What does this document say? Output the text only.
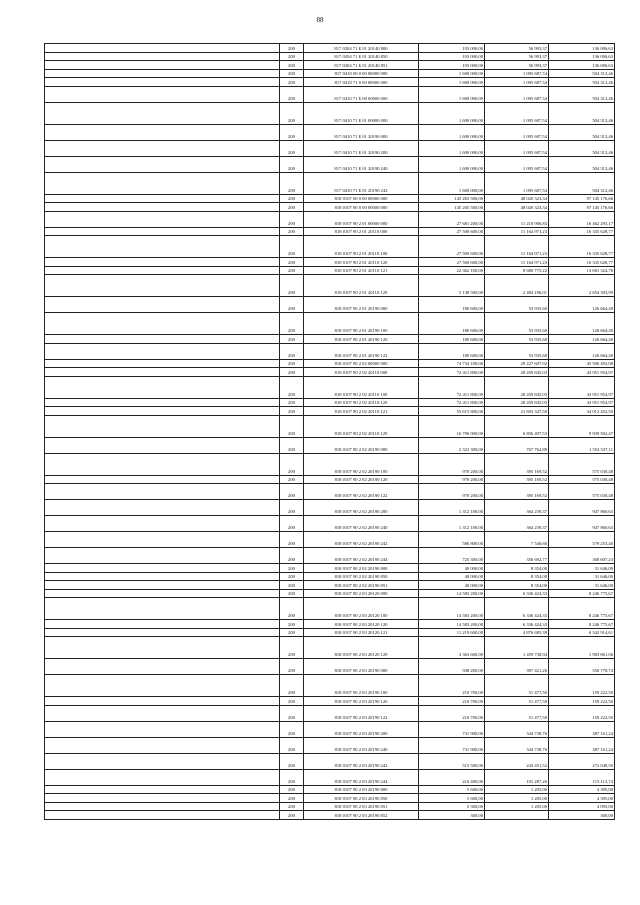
88
	200	817 0204 71 Б 01 20140 800	193 000,00	56 993,37	136 006,63
	200	817 0204 71 Б 01 20140 850	193 000,00	56 993,37	136 006,63
	200	817 0204 71 Б 01 20140 851	193 000,00	56 993,37	136 006,63
	200	817 0410 00 0 00 00000 000	1 600 000,00	1 095 687,54	504 312,46
	200	817 0410 71 0 00 00000 000	1 600 000,00	1 095 687,54	504 312,46
	200	817 0410 71 Б 00 00000 000	1 600 000,00	1 095 687,54	504 312,46
	200	817 0410 71 Б 01 00000 000	1 600 000,00	1 095 687,54	504 312,46
	200	817 0410 71 Б 01 20190 000	1 600 000,00	1 095 687,54	504 312,46
	200	817 0410 71 Б 01 20190 200	1 600 000,00	1 095 687,54	504 312,46
	200	817 0410 71 Б 01 20190 240	1 600 000,00	1 095 687,54	504 312,46
	200	817 0410 71 Б 01 20190 242	1 600 000,00	1 095 687,54	504 312,46
	200	818 0107 00 0 00 00000 000	145 265 500,00	48 020 323,34	97 145 176,66
	200	818 0107 90 0 00 00000 000	145 265 500,00	48 020 323,34	97 145 176,66
	200	818 0107 90 2 01 00000 000	27 681 200,00	11 218 906,83	16 462 293,17
	200	818 0107 90 2 01 20110 000	27 500 600,00	11 164 971,23	16 335 628,77
	200	818 0107 90 2 01 20110 100	27 500 600,00	11 164 971,23	16 335 628,77
	200	818 0107 90 2 01 20110 120	27 500 600,00	11 164 971,23	16 335 628,77
	200	818 0107 90 2 01 20110 121	22 362 100,00	8 680 775,22	13 681 324,78
	200	818 0107 90 2 01 20110 129	5 138 500,00	2 484 196,01	2 654 303,99
	200	818 0107 90 2 01 20190 000	180 600,00	53 935,60	126 664,40
	200	818 0107 90 2 01 20190 100	180 600,00	53 935,60	126 664,40
	200	818 0107 90 2 01 20190 120	180 600,00	53 935,60	126 664,40
	200	818 0107 90 2 01 20190 122	180 600,00	53 935,60	126 664,40
	200	818 0107 90 2 02 00000 000	74 734 100,00	29 227 607,92	45 506 492,08
	200	818 0107 90 2 02 20110 000	72 411 800,00	28 459 845,03	43 951 954,97
	200	818 0107 90 2 02 20110 100	72 411 800,00	28 459 845,03	43 951 954,97
	200	818 0107 90 2 02 20110 120	72 411 800,00	28 459 845,03	43 951 954,97
	200	818 0107 90 2 02 20110 121	55 615 800,00	21 603 347,50	34 012 452,50
	200	818 0107 90 2 02 20110 129	16 796 000,00	6 856 497,53	9 939 502,47
	200	818 0107 90 2 02 20190 000	2 322 300,00	767 762,89	1 554 537,11
	200	818 0107 90 2 02 20190 100	970 200,00	395 169,52	575 030,48
	200	818 0107 90 2 02 20190 120	970 200,00	395 169,52	575 030,48
	200	818 0107 90 2 02 20190 122	970 200,00	395 169,52	575 030,48
	200	818 0107 90 2 02 20190 200	1 312 100,00	364 239,37	947 860,63
	200	818 0107 90 2 02 20190 240	1 312 100,00	364 239,37	947 860,63
	200	818 0107 90 2 02 20190 242	586 800,00	7 546,60	579 253,40
	200	818 0107 90 2 02 20190 244	725 300,00	356 692,77	368 607,23
	200	818 0107 90 2 02 20190 800	40 000,00	8 354,00	31 646,00
	200	818 0107 90 2 02 20190 850	40 000,00	8 354,00	31 646,00
	200	818 0107 90 2 02 20190 851	40 000,00	8 354,00	31 646,00
	200	818 0107 90 2 03 20120 000	14 583 200,00	6 336 424,33	8 246 775,67
	200	818 0107 90 2 03 20120 100	14 583 200,00	6 336 424,33	8 246 775,67
	200	818 0107 90 2 03 20120 120	14 583 200,00	6 336 424,33	8 246 775,67
	200	818 0107 90 2 03 20120 121	11 219 600,00	4 876 685,39	6 342 914,61
	200	818 0107 90 2 03 20120 129	3 363 600,00	1 459 738,94	1 903 861,06
	200	818 0107 90 2 03 20190 000	948 200,00	397 421,26	550 778,74
	200	818 0107 90 2 03 20190 100	210 700,00	51 477,50	159 222,50
	200	818 0107 90 2 03 20190 120	210 700,00	51 477,50	159 222,50
	200	818 0107 90 2 03 20190 122	210 700,00	51 477,50	159 222,50
	200	818 0107 90 2 03 20190 200	731 900,00	344 738,76	387 161,24
	200	818 0107 90 2 03 20190 240	731 900,00	344 738,76	387 161,24
	200	818 0107 90 2 03 20190 242	515 500,00	243 451,52	272 048,50
	200	818 0107 90 2 03 20190 244	216 400,00	101 287,26	115 112,74
	200	818 0107 90 2 03 20190 800	5 600,00	1 205,00	4 395,00
	200	818 0107 90 2 03 20190 850	5 600,00	1 205,00	4 395,00
	200	818 0107 90 2 03 20190 851	5 300,00	1 205,00	4 095,00
	200	818 0107 90 2 03 20190 852	300,00		300,00
